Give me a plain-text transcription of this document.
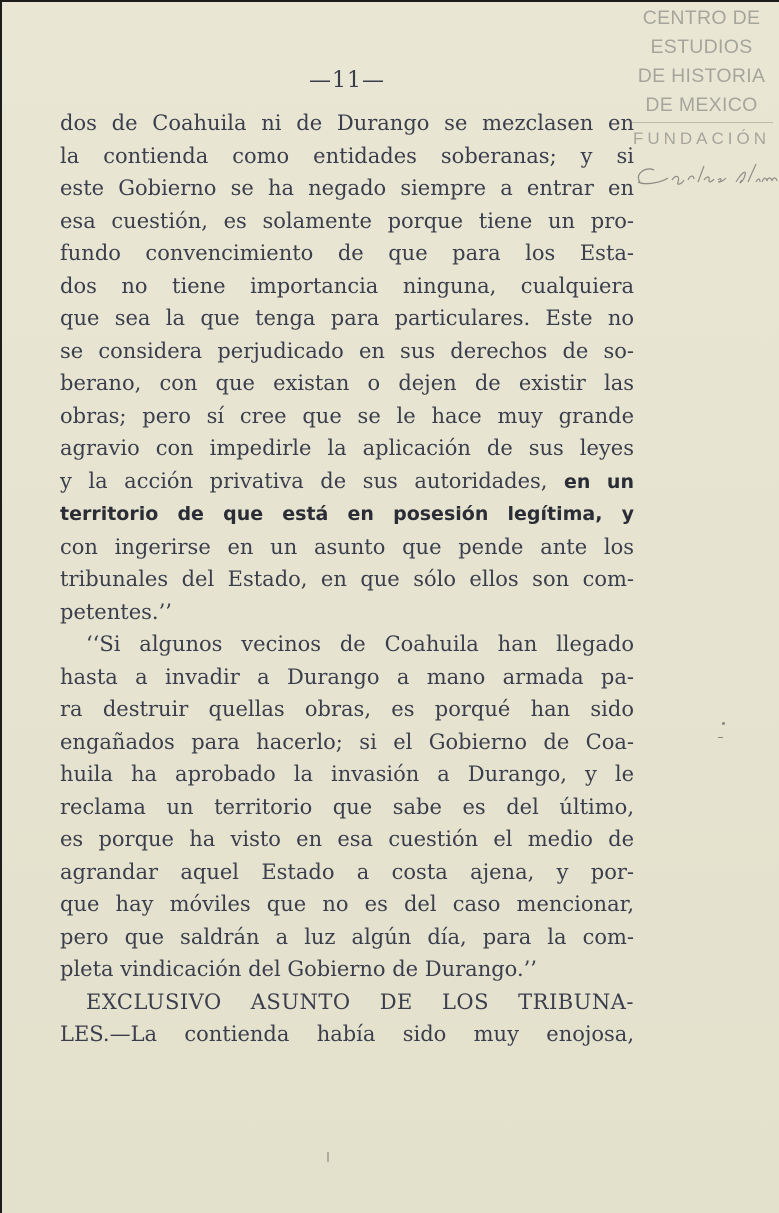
CENTRO DE
ESTUDIOS
DE HISTORIA
DE MEXICO
FUNDACIÓN
—11—
dos de Coahuila ni de Durango se mezclasen en
la contienda como entidades soberanas; y si
este Gobierno se ha negado siempre a entrar en
esa cuestión, es solamente porque tiene un pro-
fundo convencimiento de que para los Esta-
dos no tiene importancia ninguna, cualquiera
que sea la que tenga para particulares. Este no
se considera perjudicado en sus derechos de so-
berano, con que existan o dejen de existir las
obras; pero sí cree que se le hace muy grande
agravio con impedirle la aplicación de sus leyes
y la acción privativa de sus autoridades, en un
territorio de que está en posesión legítima, y
con ingerirse en un asunto que pende ante los
tribunales del Estado, en que sólo ellos son com-
petentes.’’
‘‘Si algunos vecinos de Coahuila han llegado
hasta a invadir a Durango a mano armada pa-
ra destruir quellas obras, es porqué han sido
engañados para hacerlo; si el Gobierno de Coa-
huila ha aprobado la invasión a Durango, y le
reclama un territorio que sabe es del último,
es porque ha visto en esa cuestión el medio de
agrandar aquel Estado a costa ajena, y por-
que hay móviles que no es del caso mencionar,
pero que saldrán a luz algún día, para la com-
pleta vindicación del Gobierno de Durango.’’
EXCLUSIVO ASUNTO DE LOS TRIBUNA-
LES.—La contienda había sido muy enojosa,
